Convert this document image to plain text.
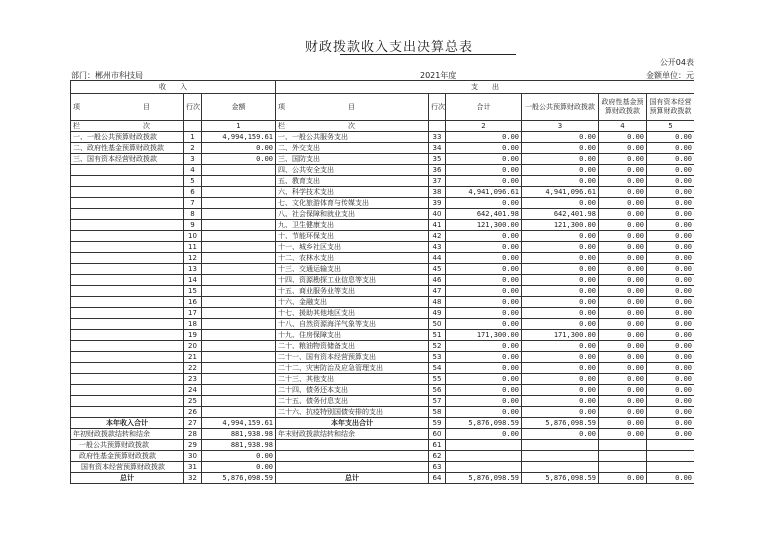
财政拨款收入支出决算总表
公开04表
部门：郴州市科技局	2021年度	金额单位：元
收　　入			支　　出					
项　　　　　　　　　目	行次	金额	项　　　　　　　　　目	行次	合计	一般公共预算财政拨款	政府性基金预算财政拨款	国有资本经营预算财政拨款
栏　　　　　　　　　次		1	栏　　　　　　　　　次		2	3	4	5
一、一般公共预算财政拨款	1	4,994,159.61	一、一般公共服务支出	33	0.00	0.00	0.00	0.00
二、政府性基金预算财政拨款	2	0.00	二、外交支出	34	0.00	0.00	0.00	0.00
三、国有资本经营财政拨款	3	0.00	三、国防支出	35	0.00	0.00	0.00	0.00
	4		四、公共安全支出	36	0.00	0.00	0.00	0.00
	5		五、教育支出	37	0.00	0.00	0.00	0.00
	6		六、科学技术支出	38	4,941,096.61	4,941,096.61	0.00	0.00
	7		七、文化旅游体育与传媒支出	39	0.00	0.00	0.00	0.00
	8		八、社会保障和就业支出	40	642,401.98	642,401.98	0.00	0.00
	9		九、卫生健康支出	41	121,300.00	121,300.00	0.00	0.00
	10		十、节能环保支出	42	0.00	0.00	0.00	0.00
	11		十一、城乡社区支出	43	0.00	0.00	0.00	0.00
	12		十二、农林水支出	44	0.00	0.00	0.00	0.00
	13		十三、交通运输支出	45	0.00	0.00	0.00	0.00
	14		十四、资源勘探工业信息等支出	46	0.00	0.00	0.00	0.00
	15		十五、商业服务业等支出	47	0.00	0.00	0.00	0.00
	16		十六、金融支出	48	0.00	0.00	0.00	0.00
	17		十七、援助其他地区支出	49	0.00	0.00	0.00	0.00
	18		十八、自然资源海洋气象等支出	50	0.00	0.00	0.00	0.00
	19		十九、住房保障支出	51	171,300.00	171,300.00	0.00	0.00
	20		二十、粮油物资储备支出	52	0.00	0.00	0.00	0.00
	21		二十一、国有资本经营预算支出	53	0.00	0.00	0.00	0.00
	22		二十二、灾害防治及应急管理支出	54	0.00	0.00	0.00	0.00
	23		二十三、其他支出	55	0.00	0.00	0.00	0.00
	24		二十四、债务还本支出	56	0.00	0.00	0.00	0.00
	25		二十五、债务付息支出	57	0.00	0.00	0.00	0.00
	26		二十六、抗疫特别国债安排的支出	58	0.00	0.00	0.00	0.00
本年收入合计	27	4,994,159.61	本年支出合计	59	5,876,098.59	5,876,098.59	0.00	0.00
年初财政拨款结转和结余	28	881,938.98	年末财政拨款结转和结余	60	0.00	0.00	0.00	0.00
一般公共预算财政拨款	29	881,938.98		61				
政府性基金预算财政拨款	30	0.00		62				
国有资本经营预算财政拨款	31	0.00		63				
总计	32	5,876,098.59	总计	64	5,876,098.59	5,876,098.59	0.00	0.00
